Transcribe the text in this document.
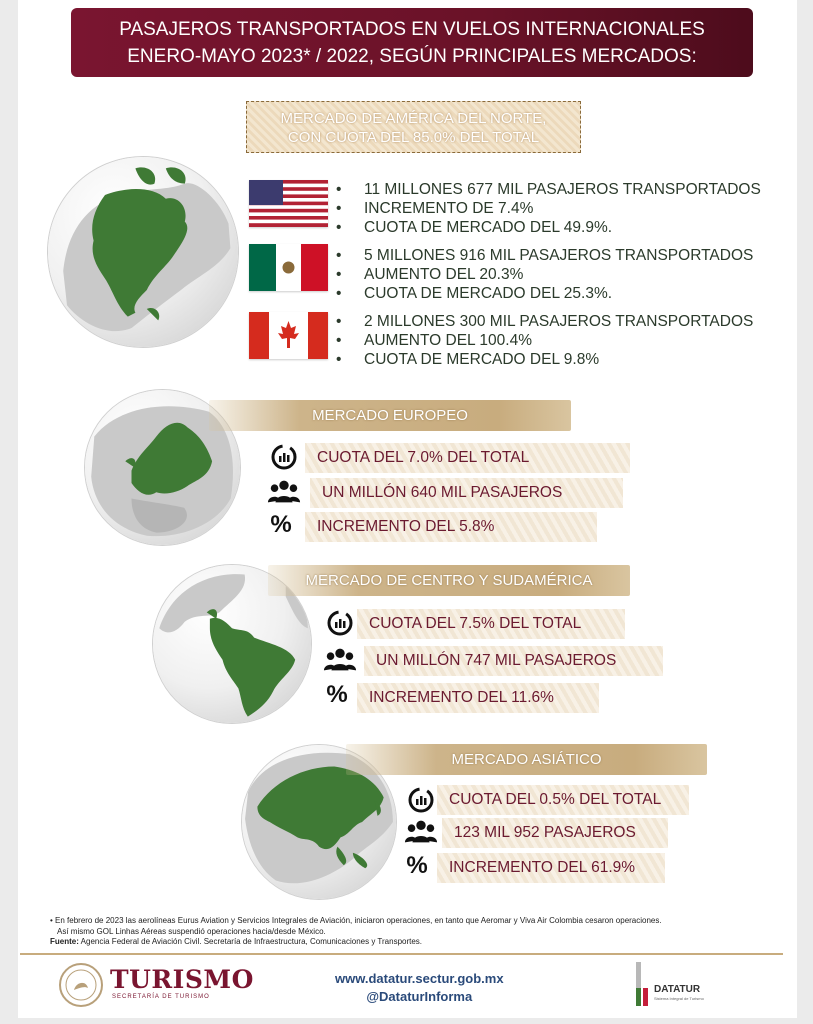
PASAJEROS TRANSPORTADOS EN VUELOS INTERNACIONALES
ENERO-MAYO 2023* / 2022, SEGÚN PRINCIPALES MERCADOS:
MERCADO DE AMÉRICA DEL NORTE,
CON CUOTA DEL 85.0% DEL TOTAL
• 11 MILLONES 677 MIL PASAJEROS TRANSPORTADOS
• INCREMENTO DE 7.4%
• CUOTA DE MERCADO DEL 49.9%.
• 5 MILLONES 916 MIL PASAJEROS TRANSPORTADOS
• AUMENTO DEL 20.3%
• CUOTA DE MERCADO DEL 25.3%.
• 2 MILLONES 300 MIL PASAJEROS TRANSPORTADOS
• AUMENTO DEL 100.4%
• CUOTA DE MERCADO DEL 9.8%
MERCADO EUROPEO
CUOTA DEL 7.0% DEL TOTAL
UN MILLÓN 640 MIL PASAJEROS
%	INCREMENTO DEL 5.8%
MERCADO DE CENTRO Y SUDAMÉRICA
CUOTA DEL 7.5% DEL TOTAL
UN MILLÓN 747 MIL PASAJEROS
%	INCREMENTO DEL 11.6%
MERCADO ASIÁTICO
CUOTA DEL 0.5% DEL TOTAL
123 MIL 952 PASAJEROS
%	INCREMENTO DEL 61.9%
• En febrero de 2023 las aerolíneas Eurus Aviation y Servicios Integrales de Aviación, iniciaron operaciones, en tanto que Aeromar y Viva Air Colombia cesaron operaciones.
Así mismo GOL Linhas Aéreas suspendió operaciones hacia/desde México.
Fuente: Agencia Federal de Aviación Civil. Secretaría de Infraestructura, Comunicaciones y Transportes.
TURISMO
SECRETARÍA DE TURISMO
www.datatur.sectur.gob.mx
@DataturInforma	DATATUR
Sistema Integral de Turismo
